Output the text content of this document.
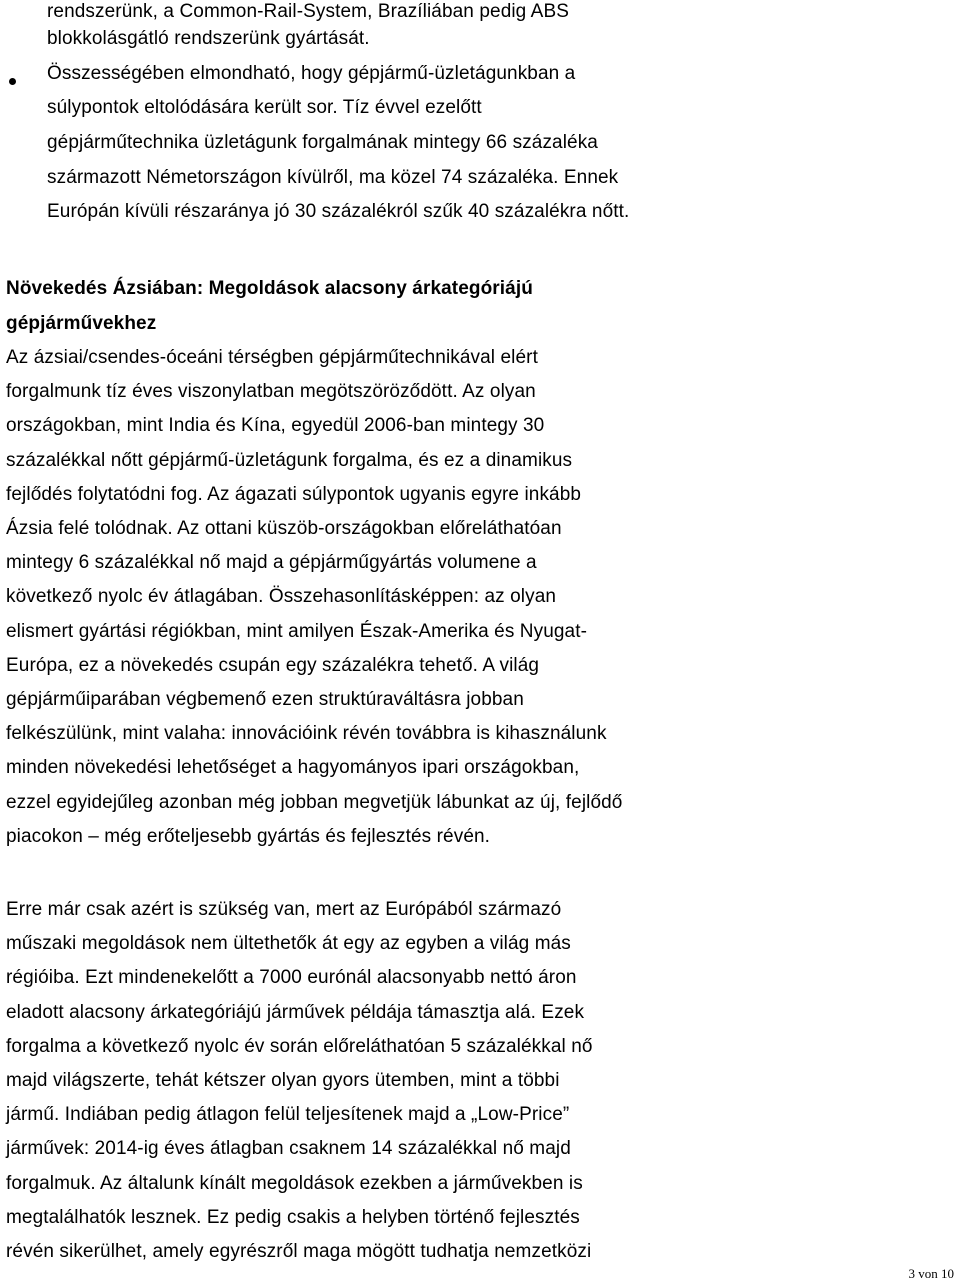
rendszerünk, a Common-Rail-System, Brazíliában pedig ABS
blokkolásgátló rendszerünk gyártását.
Összességében elmondható, hogy gépjármű-üzletágunkban a
súlypontok eltolódására került sor. Tíz évvel ezelőtt
gépjárműtechnika üzletágunk forgalmának mintegy 66 százaléka
származott Németországon kívülről, ma közel 74 százaléka. Ennek
Európán kívüli részaránya jó 30 százalékról szűk 40 százalékra nőtt.
Növekedés Ázsiában: Megoldások alacsony árkategóriájú
gépjárművekhez
Az ázsiai/csendes-óceáni térségben gépjárműtechnikával elért
forgalmunk tíz éves viszonylatban megötszöröződött. Az olyan
országokban, mint India és Kína, egyedül 2006-ban mintegy 30
százalékkal nőtt gépjármű-üzletágunk forgalma, és ez a dinamikus
fejlődés folytatódni fog. Az ágazati súlypontok ugyanis egyre inkább
Ázsia felé tolódnak. Az ottani küszöb-országokban előreláthatóan
mintegy 6 százalékkal nő majd a gépjárműgyártás volumene a
következő nyolc év átlagában. Összehasonlításképpen: az olyan
elismert gyártási régiókban, mint amilyen Észak-Amerika és Nyugat-
Európa, ez a növekedés csupán egy százalékra tehető. A világ
gépjárműiparában végbemenő ezen struktúraváltásra jobban
felkészülünk, mint valaha: innovációink révén továbbra is kihasználunk
minden növekedési lehetőséget a hagyományos ipari országokban,
ezzel egyidejűleg azonban még jobban megvetjük lábunkat az új, fejlődő
piacokon – még erőteljesebb gyártás és fejlesztés révén.
Erre már csak azért is szükség van, mert az Európából származó
műszaki megoldások nem ültethetők át egy az egyben a világ más
régióiba. Ezt mindenekelőtt a 7000 eurónál alacsonyabb nettó áron
eladott alacsony árkategóriájú járművek példája támasztja alá. Ezek
forgalma a következő nyolc év során előreláthatóan 5 százalékkal nő
majd világszerte, tehát kétszer olyan gyors ütemben, mint a többi
jármű. Indiában pedig átlagon felül teljesítenek majd a „Low-Price”
járművek: 2014-ig éves átlagban csaknem 14 százalékkal nő majd
forgalmuk. Az általunk kínált megoldások ezekben a járművekben is
megtalálhatók lesznek. Ez pedig csakis a helyben történő fejlesztés
révén sikerülhet, amely egyrészről maga mögött tudhatja nemzetközi
3 von 10
